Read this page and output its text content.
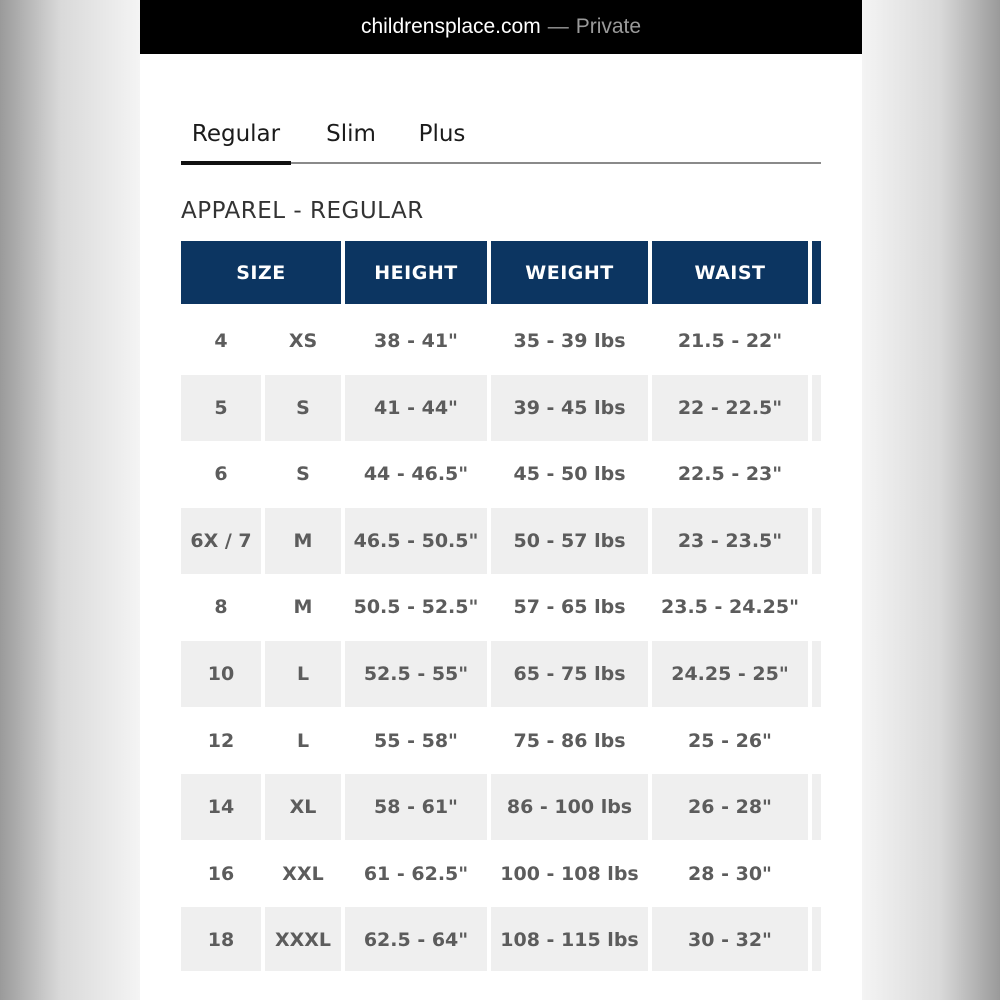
childrensplace.com — Private
Regular	Slim	Plus
APPAREL - REGULAR
SIZE	HEIGHT	WEIGHT	WAIST
4	XS	38 - 41"	35 - 39 lbs	21.5 - 22"
5	S	41 - 44"	39 - 45 lbs	22 - 22.5"
6	S	44 - 46.5"	45 - 50 lbs	22.5 - 23"
6X / 7	M	46.5 - 50.5"	50 - 57 lbs	23 - 23.5"
8	M	50.5 - 52.5"	57 - 65 lbs	23.5 - 24.25"
10	L	52.5 - 55"	65 - 75 lbs	24.25 - 25"
12	L	55 - 58"	75 - 86 lbs	25 - 26"
14	XL	58 - 61"	86 - 100 lbs	26 - 28"
16	XXL	61 - 62.5"	100 - 108 lbs	28 - 30"
18	XXXL	62.5 - 64"	108 - 115 lbs	30 - 32"
